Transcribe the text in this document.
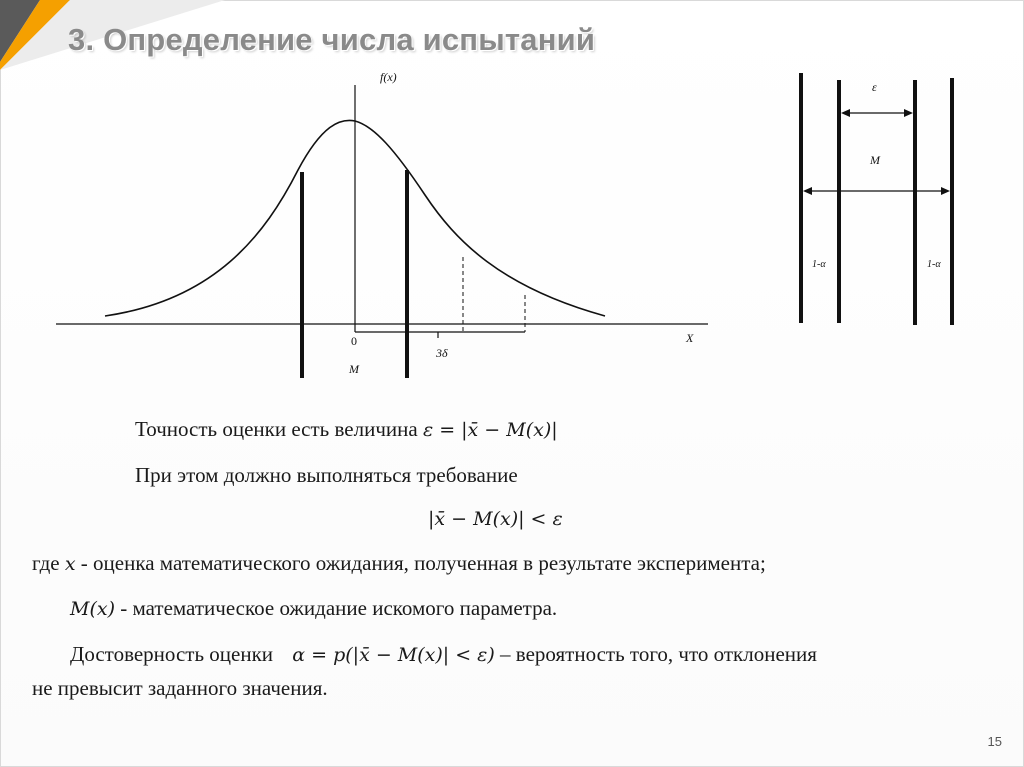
3. Определение числа испытаний
f(x)
X
0
M
3δ
ε
M
1-α	1-α
Точность оценки есть величина ε = |x̄ − M(x)|
При этом должно выполняться требование
|x̄ − M(x)| < ε
где x - оценка математического ожидания, полученная в результате эксперимента;
M(x) - математическое ожидание искомого параметра.
Достоверность оценки α = p(|x̄ − M(x)| < ε) – вероятность того, что отклонения
не превысит заданного значения.
15
